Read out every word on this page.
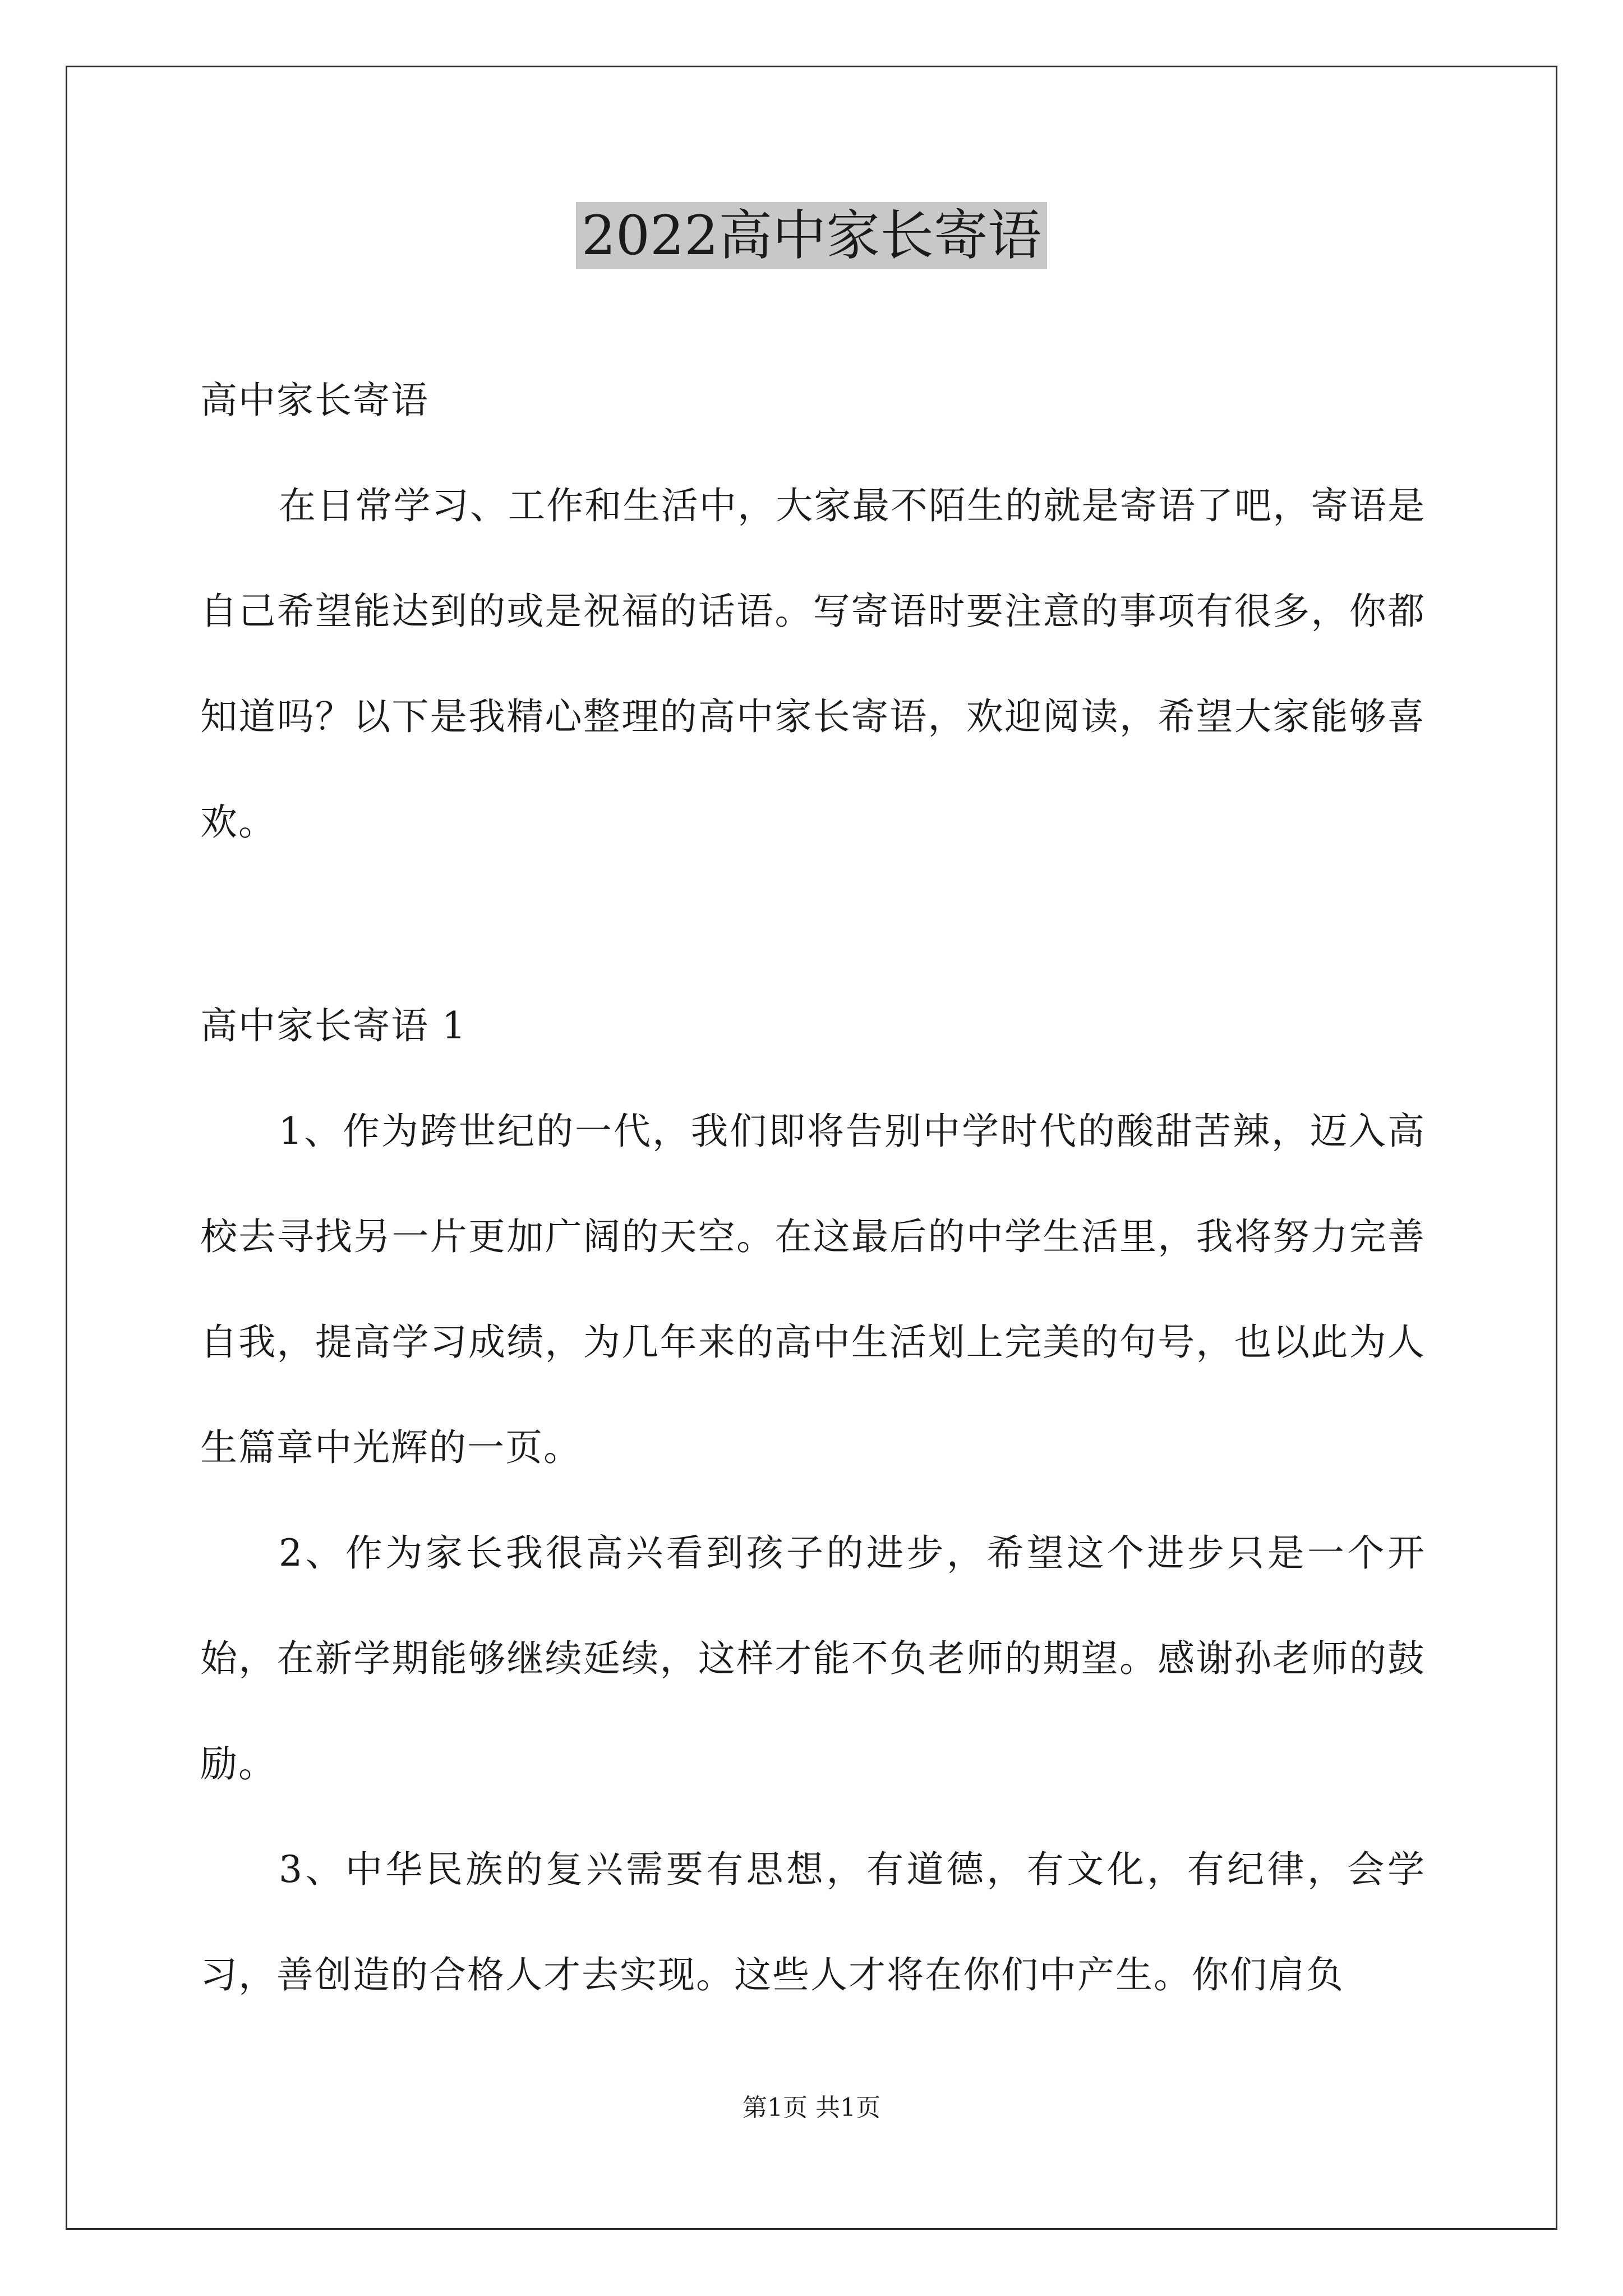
2022高中家长寄语

高中家长寄语

在日常学习、工作和生活中，大家最不陌生的就是寄语了吧，寄语是自己希望能达到的或是祝福的话语。写寄语时要注意的事项有很多，你都知道吗？以下是我精心整理的高中家长寄语，欢迎阅读，希望大家能够喜欢。

高中家长寄语 1

1、作为跨世纪的一代，我们即将告别中学时代的酸甜苦辣，迈入高校去寻找另一片更加广阔的天空。在这最后的中学生活里，我将努力完善自我，提高学习成绩，为几年来的高中生活划上完美的句号，也以此为人生篇章中光辉的一页。

2、作为家长我很高兴看到孩子的进步，希望这个进步只是一个开始，在新学期能够继续延续，这样才能不负老师的期望。感谢孙老师的鼓励。

3、中华民族的复兴需要有思想，有道德，有文化，有纪律，会学习，善创造的合格人才去实现。这些人才将在你们中产生。你们肩负

第1页 共1页
